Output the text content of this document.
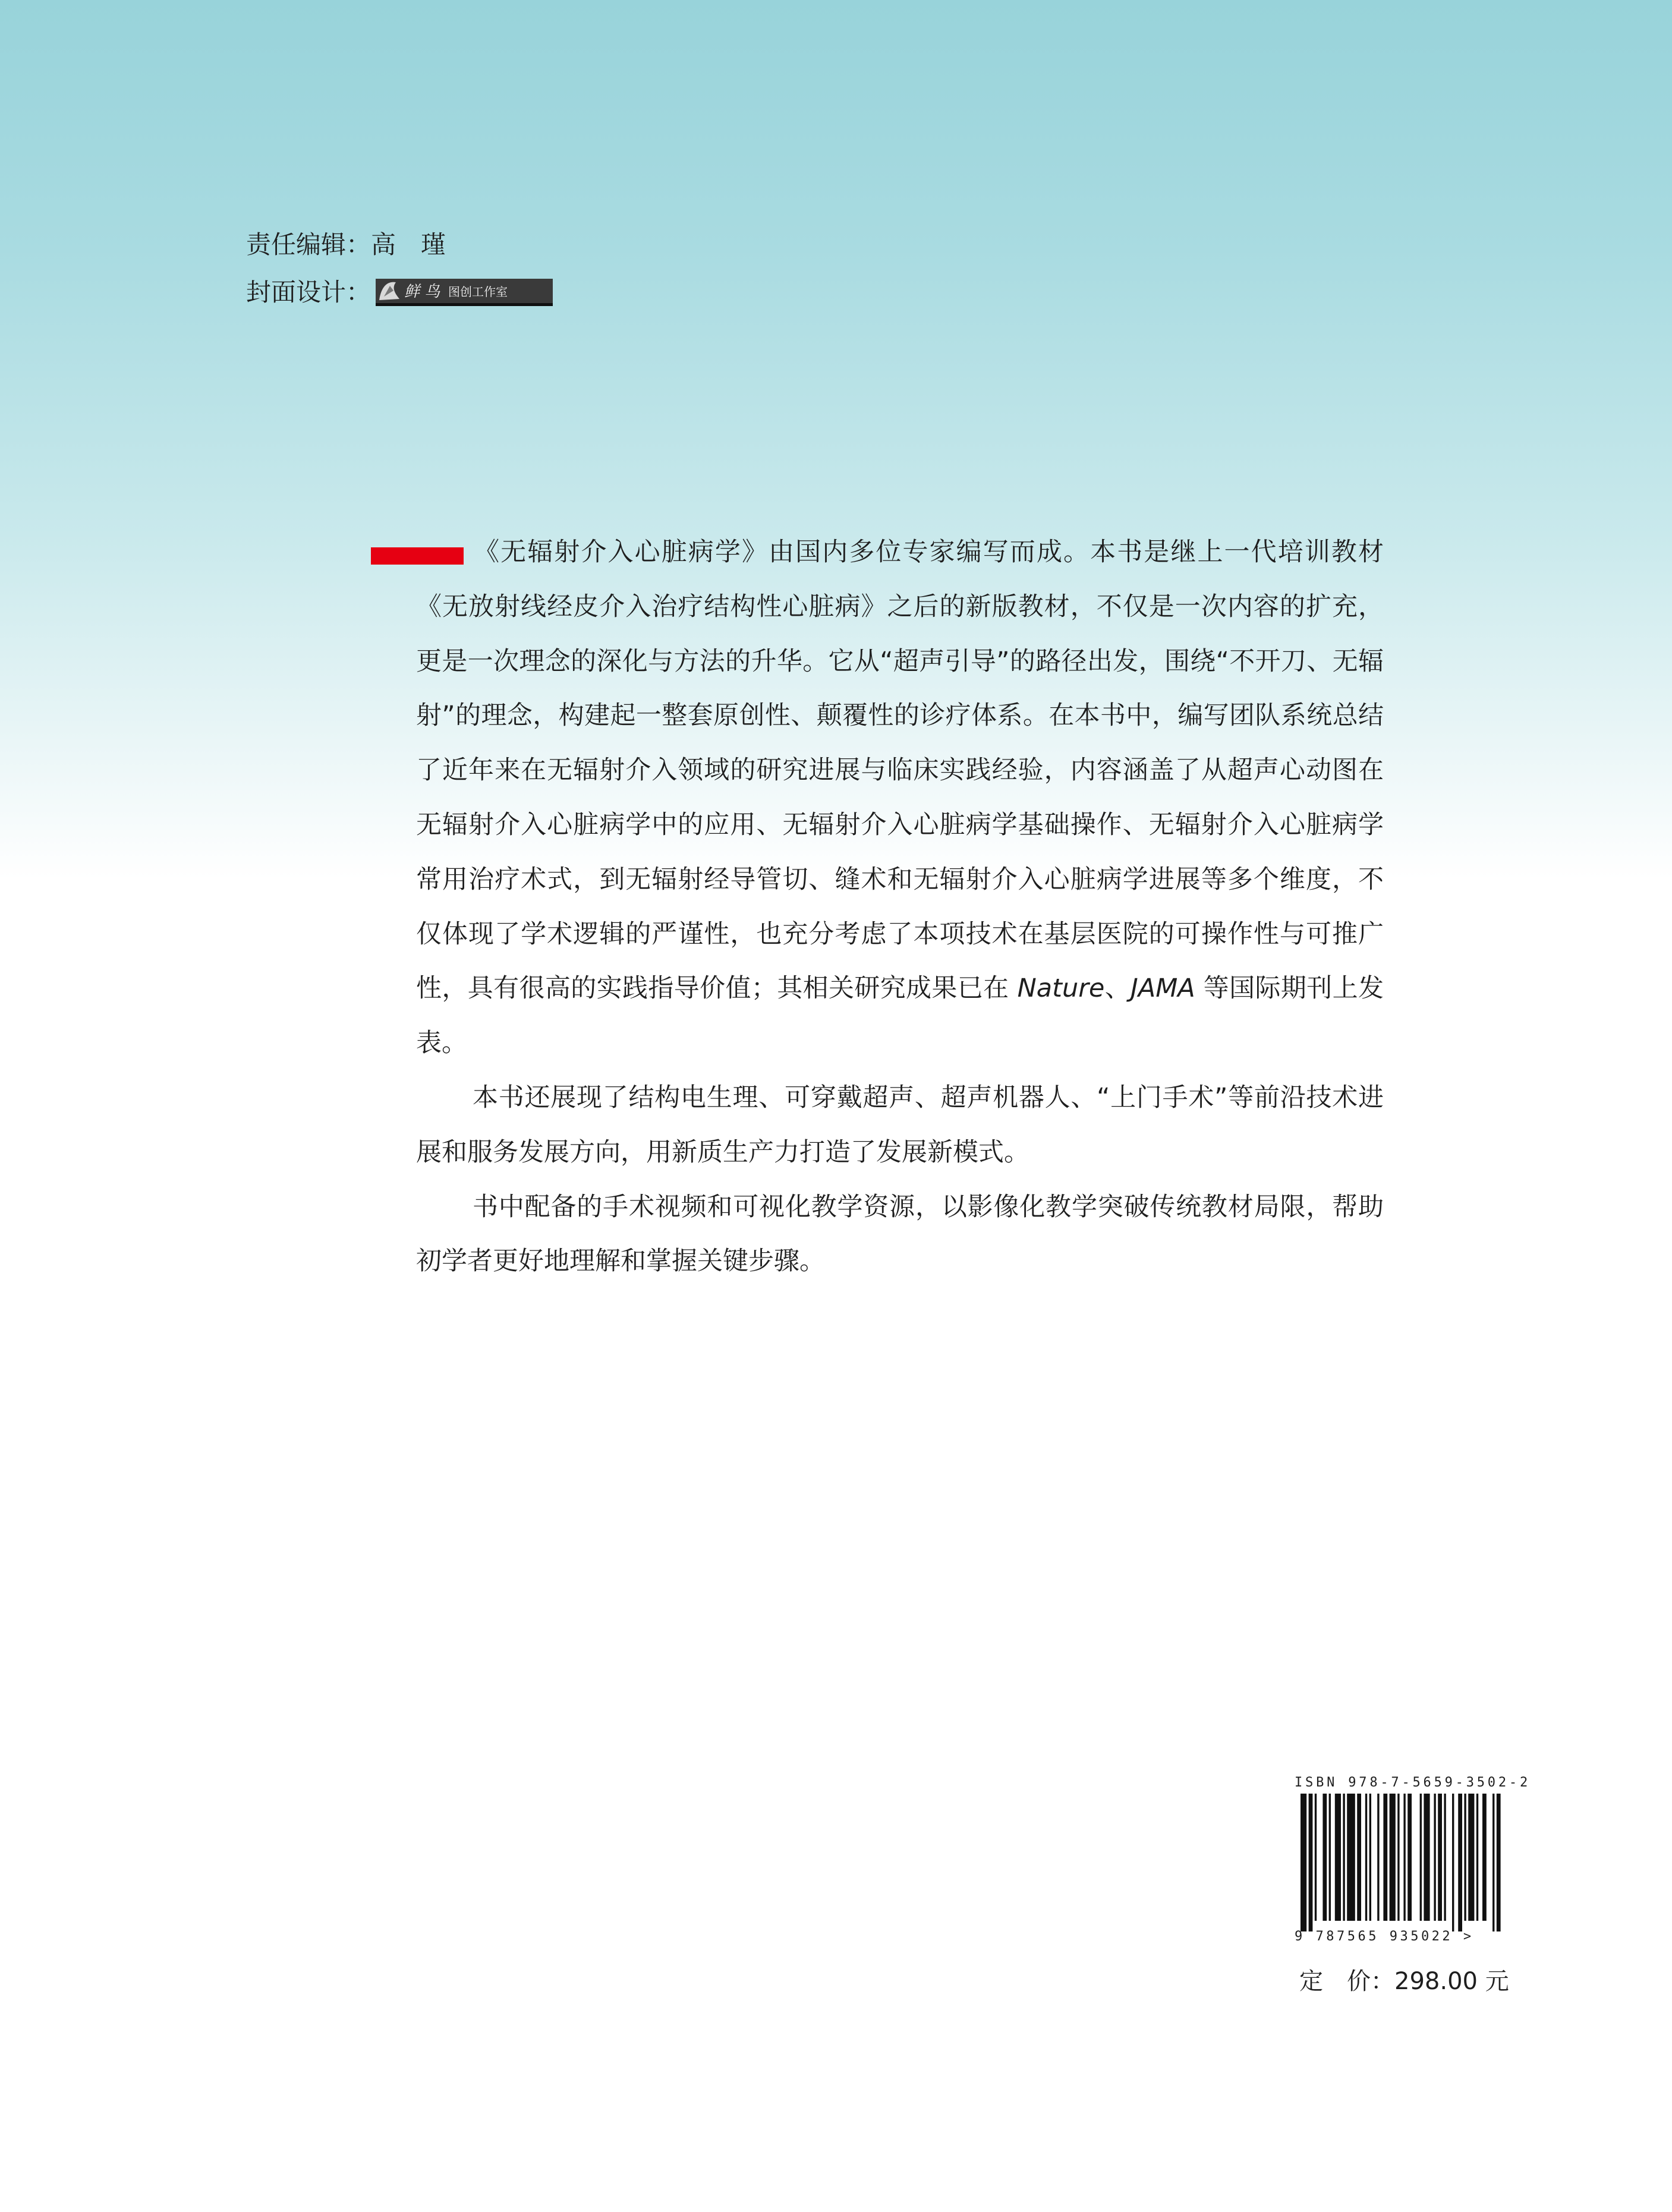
责任编辑： 高　瑾
封面设计： 鲜 鸟 图创工作室

《无辐射介入心脏病学》由国内多位专家编写而成。本书是继上一代培训教材《无放射线经皮介入治疗结构性心脏病》之后的新版教材，不仅是一次内容的扩充，更是一次理念的深化与方法的升华。它从“超声引导”的路径出发，围绕“不开刀、无辐射”的理念，构建起一整套原创性、颠覆性的诊疗体系。在本书中，编写团队系统总结了近年来在无辐射介入领域的研究进展与临床实践经验，内容涵盖了从超声心动图在无辐射介入心脏病学中的应用、无辐射介入心脏病学基础操作、无辐射介入心脏病学常用治疗术式，到无辐射经导管切、缝术和无辐射介入心脏病学进展等多个维度，不仅体现了学术逻辑的严谨性，也充分考虑了本项技术在基层医院的可操作性与可推广性，具有很高的实践指导价值；其相关研究成果已在 Nature、JAMA 等国际期刊上发表。

本书还展现了结构电生理、可穿戴超声、超声机器人、“上门手术”等前沿技术进展和服务发展方向，用新质生产力打造了发展新模式。

书中配备的手术视频和可视化教学资源，以影像化教学突破传统教材局限，帮助初学者更好地理解和掌握关键步骤。

ISBN 978-7-5659-3502-2
9 787565 935022 >
定　价：298.00 元
